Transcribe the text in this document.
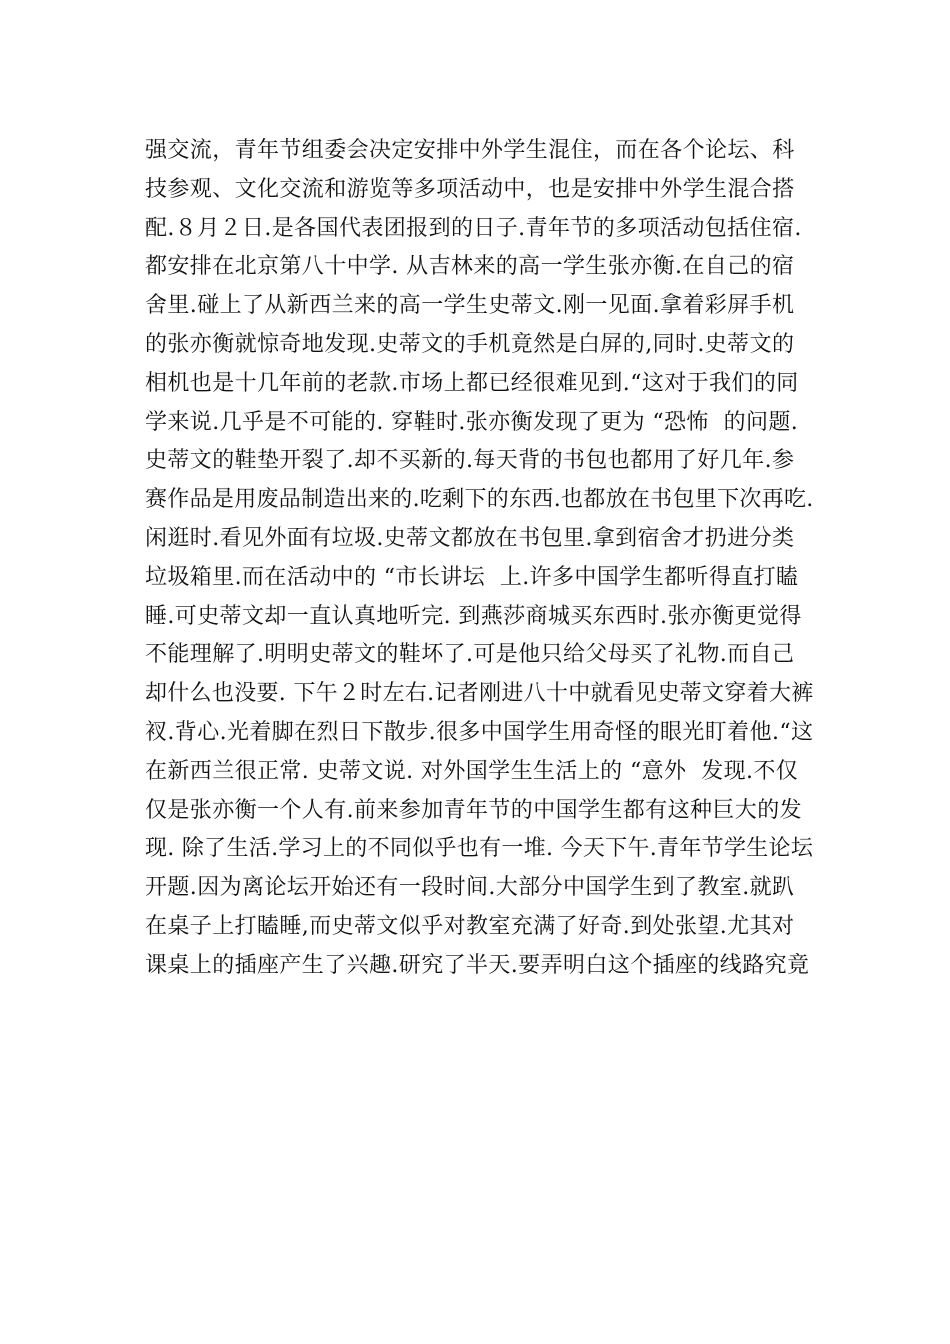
强交流，青年节组委会决定安排中外学生混住，而在各个论坛、科
技参观、文化交流和游览等多项活动中，也是安排中外学生混合搭
配.８月２日.是各国代表团报到的日子.青年节的多项活动包括住宿.
都安排在北京第八十中学. 从吉林来的高一学生张亦衡.在自己的宿
舍里.碰上了从新西兰来的高一学生史蒂文.刚一见面.拿着彩屏手机
的张亦衡就惊奇地发现.史蒂文的手机竟然是白屏的,同时.史蒂文的
相机也是十几年前的老款.市场上都已经很难见到.“这对于我们的同
学来说.几乎是不可能的. 穿鞋时.张亦衡发现了更为 “恐怖  的问题.
史蒂文的鞋垫开裂了.却不买新的.每天背的书包也都用了好几年.参
赛作品是用废品制造出来的.吃剩下的东西.也都放在书包里下次再吃.
闲逛时.看见外面有垃圾.史蒂文都放在书包里.拿到宿舍才扔进分类
垃圾箱里.而在活动中的 “市长讲坛  上.许多中国学生都听得直打瞌
睡.可史蒂文却一直认真地听完. 到燕莎商城买东西时.张亦衡更觉得
不能理解了.明明史蒂文的鞋坏了.可是他只给父母买了礼物.而自己
却什么也没要. 下午２时左右.记者刚进八十中就看见史蒂文穿着大裤
衩.背心.光着脚在烈日下散步.很多中国学生用奇怪的眼光盯着他.“这
在新西兰很正常. 史蒂文说. 对外国学生生活上的 “意外  发现.不仅
仅是张亦衡一个人有.前来参加青年节的中国学生都有这种巨大的发
现. 除了生活.学习上的不同似乎也有一堆. 今天下午.青年节学生论坛
开题.因为离论坛开始还有一段时间.大部分中国学生到了教室.就趴
在桌子上打瞌睡,而史蒂文似乎对教室充满了好奇.到处张望.尤其对
课桌上的插座产生了兴趣.研究了半天.要弄明白这个插座的线路究竟
